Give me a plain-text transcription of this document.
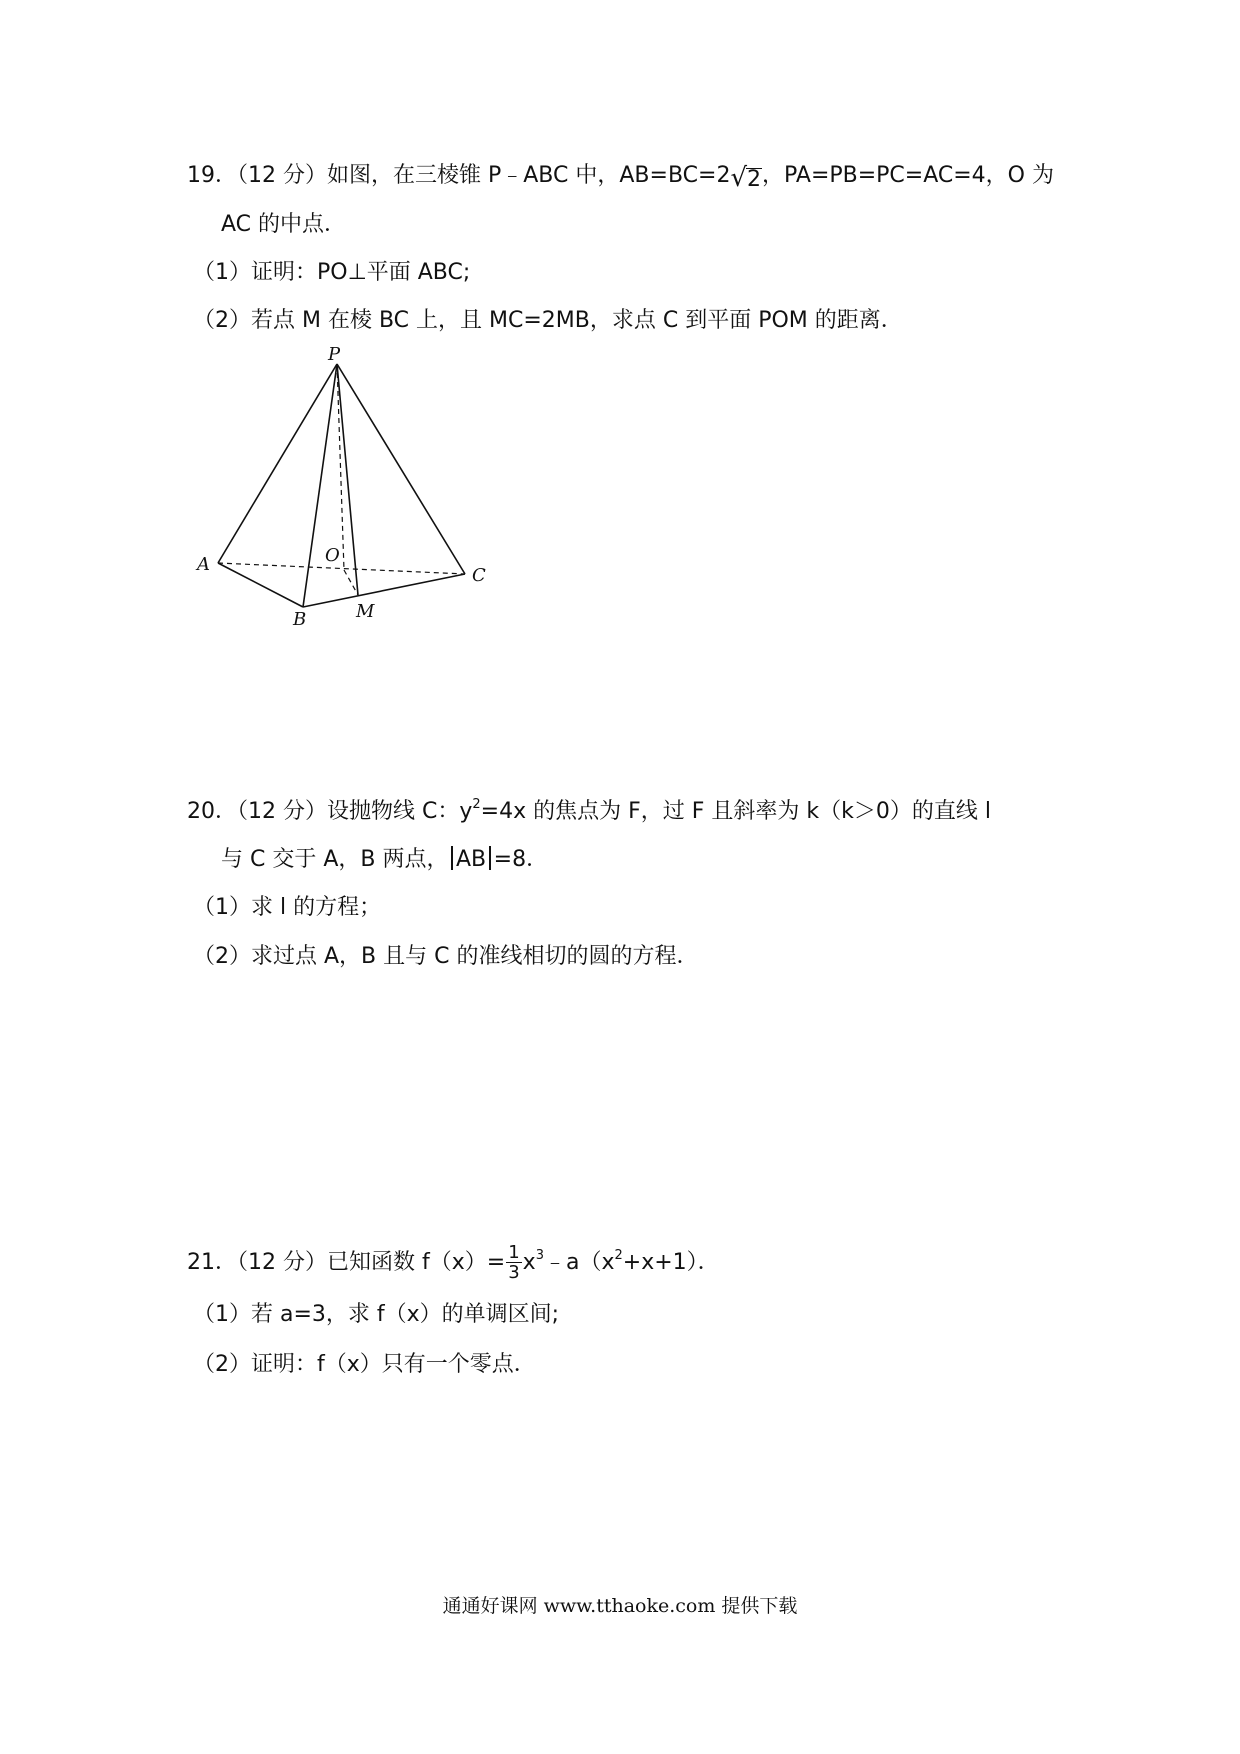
19．（12 分）如图，在三棱锥 P﹣ABC 中，AB=BC=2 √ 2 ，PA=PB=PC=AC=4，O 为
AC 的中点．
（1）证明：PO⊥平面 ABC;
（2）若点 M 在棱 BC 上，且 MC=2MB，求点 C 到平面 POM 的距离．
P
A	O
C
B	M
20．（12 分）设抛物线 C：$y^2=4x$ 的焦点为 F，过 F 且斜率为 k（k＞0）的直线 l
与 C 交于 A，B 两点， AB =8．
（1）求 l 的方程；
（2）求过点 A，B 且与 C 的准线相切的圆的方程．
21．（12 分）已知函数 $f(x)= \frac{1}{3}$ $x^3﹣a(x^2+x+1)$．
（1）若 a=3，求 f（x）的单调区间;
（2）证明：f（x）只有一个零点．
通通好课网 www.tthaoke.com 提供下载
